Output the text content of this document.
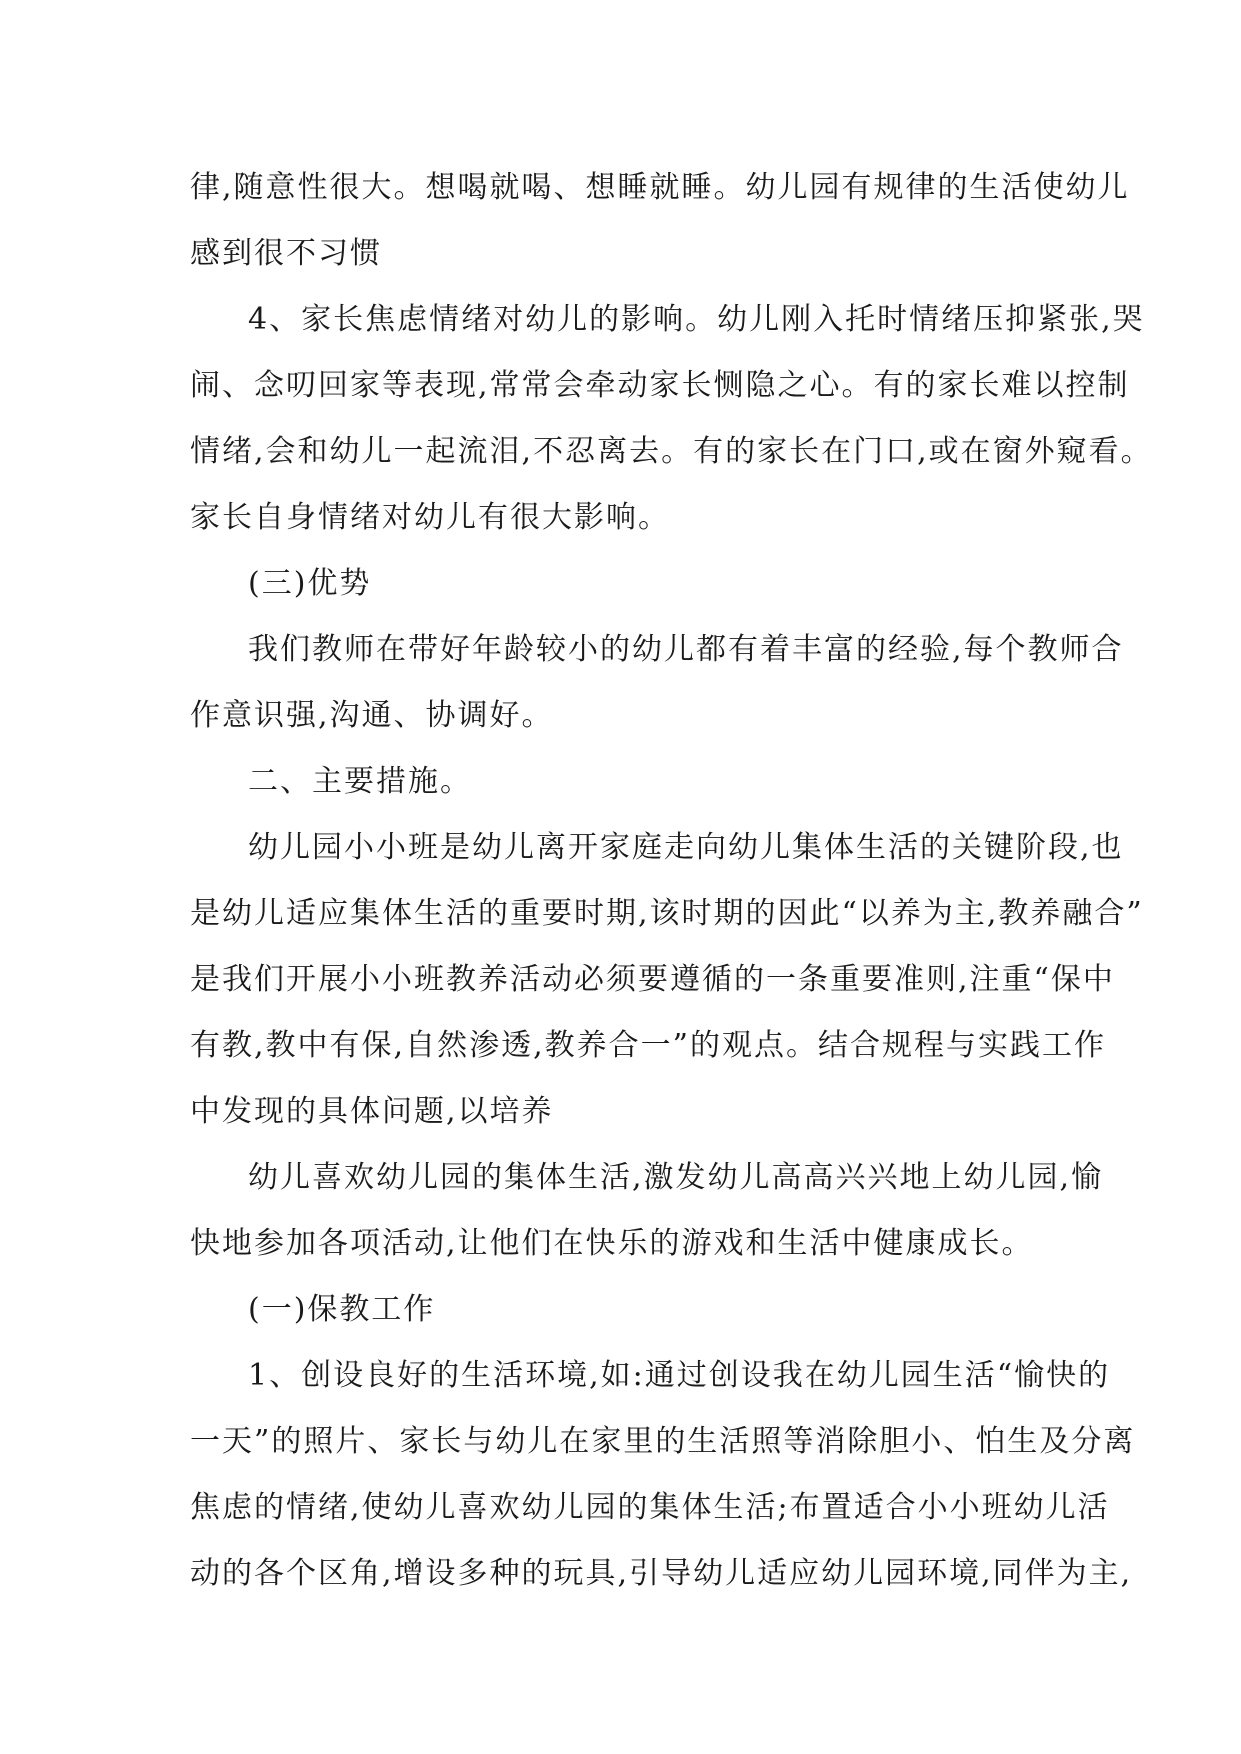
律,随意性很大。想喝就喝、想睡就睡。幼儿园有规律的生活使幼儿
感到很不习惯
4、家长焦虑情绪对幼儿的影响。幼儿刚入托时情绪压抑紧张,哭
闹、念叨回家等表现,常常会牵动家长恻隐之心。有的家长难以控制
情绪,会和幼儿一起流泪,不忍离去。有的家长在门口,或在窗外窥看。
家长自身情绪对幼儿有很大影响。
(三)优势
我们教师在带好年龄较小的幼儿都有着丰富的经验,每个教师合
作意识强,沟通、协调好。
二、主要措施。
幼儿园小小班是幼儿离开家庭走向幼儿集体生活的关键阶段,也
是幼儿适应集体生活的重要时期,该时期的因此“以养为主,教养融合”
是我们开展小小班教养活动必须要遵循的一条重要准则,注重“保中
有教,教中有保,自然渗透,教养合一”的观点。结合规程与实践工作
中发现的具体问题,以培养
幼儿喜欢幼儿园的集体生活,激发幼儿高高兴兴地上幼儿园,愉
快地参加各项活动,让他们在快乐的游戏和生活中健康成长。
(一)保教工作
1、创设良好的生活环境,如:通过创设我在幼儿园生活“愉快的
一天”的照片、家长与幼儿在家里的生活照等消除胆小、怕生及分离
焦虑的情绪,使幼儿喜欢幼儿园的集体生活;布置适合小小班幼儿活
动的各个区角,增设多种的玩具,引导幼儿适应幼儿园环境,同伴为主,
